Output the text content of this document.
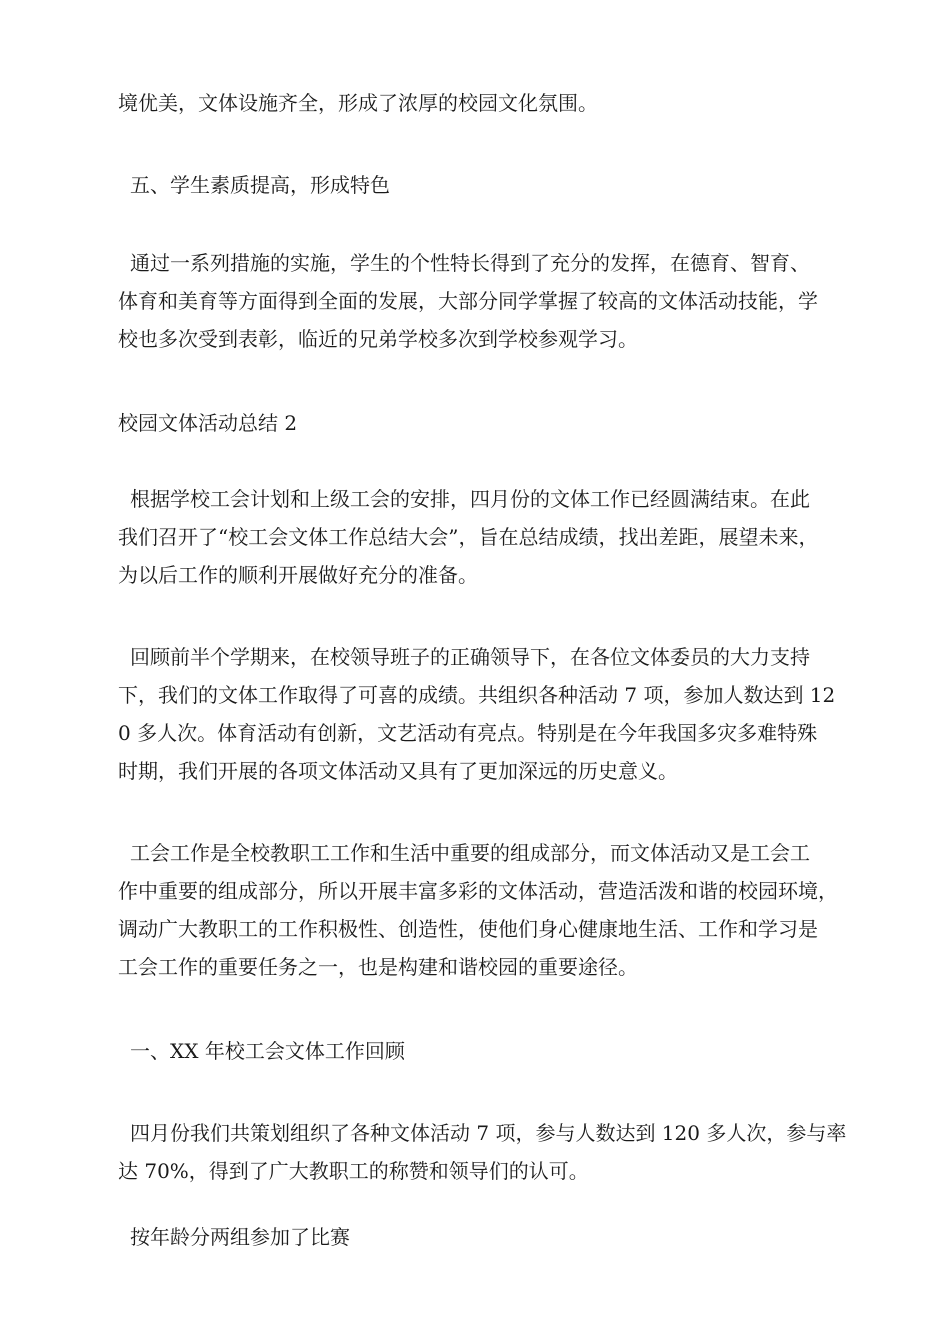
境优美，文体设施齐全，形成了浓厚的校园文化氛围。
五、学生素质提高，形成特色
通过一系列措施的实施，学生的个性特长得到了充分的发挥，在德育、智育、
体育和美育等方面得到全面的发展，大部分同学掌握了较高的文体活动技能，学
校也多次受到表彰，临近的兄弟学校多次到学校参观学习。
校园文体活动总结 2
根据学校工会计划和上级工会的安排，四月份的文体工作已经圆满结束。在此
我们召开了“校工会文体工作总结大会”，旨在总结成绩，找出差距，展望未来，
为以后工作的顺利开展做好充分的准备。
回顾前半个学期来，在校领导班子的正确领导下，在各位文体委员的大力支持
下，我们的文体工作取得了可喜的成绩。共组织各种活动 7 项，参加人数达到 12
0 多人次。体育活动有创新，文艺活动有亮点。特别是在今年我国多灾多难特殊
时期，我们开展的各项文体活动又具有了更加深远的历史意义。
工会工作是全校教职工工作和生活中重要的组成部分，而文体活动又是工会工
作中重要的组成部分，所以开展丰富多彩的文体活动，营造活泼和谐的校园环境，
调动广大教职工的工作积极性、创造性，使他们身心健康地生活、工作和学习是
工会工作的重要任务之一，也是构建和谐校园的重要途径。
一、XX 年校工会文体工作回顾
四月份我们共策划组织了各种文体活动 7 项，参与人数达到 120 多人次，参与率
达 70%，得到了广大教职工的称赞和领导们的认可。
按年龄分两组参加了比赛
